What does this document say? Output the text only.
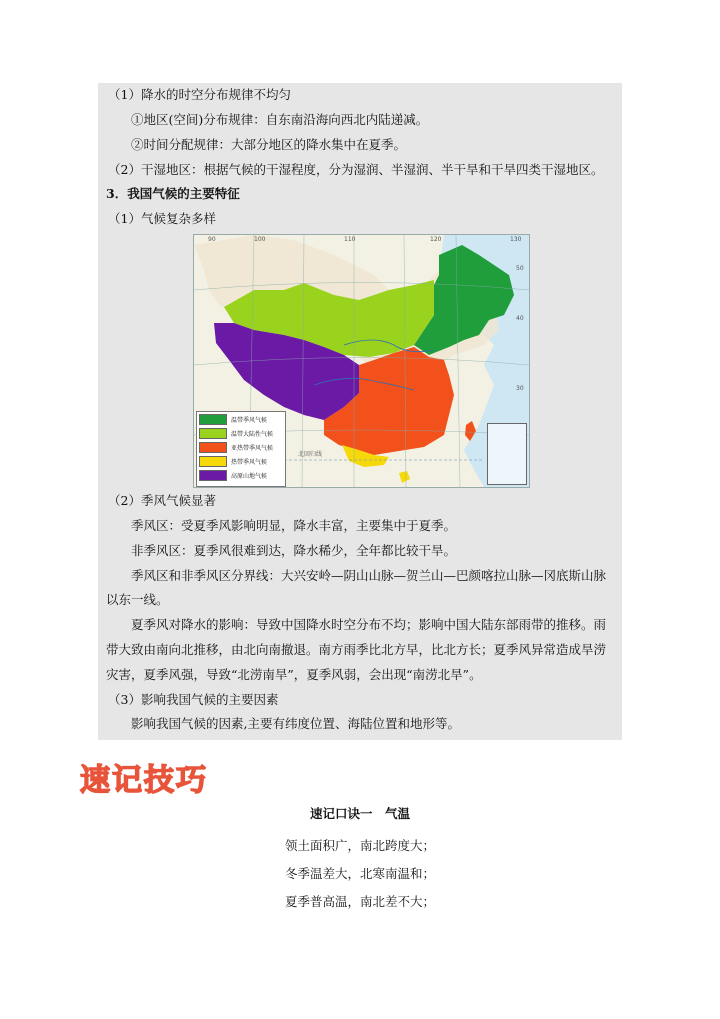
（1）降水的时空分布规律不均匀
①地区(空间)分布规律：自东南沿海向西北内陆递减。
②时间分配规律：大部分地区的降水集中在夏季。
（2）干湿地区：根据气候的干湿程度，分为湿润、半湿润、半干旱和干旱四类干湿地区。
3．我国气候的主要特征
（1）气候复杂多样
90	100	110	120	130
50
40
30
北回归线
温带季风气候
温带大陆性气候
亚热带季风气候
热带季风气候
高原山地气候
（2）季风气候显著
季风区：受夏季风影响明显，降水丰富，主要集中于夏季。
非季风区：夏季风很难到达，降水稀少，全年都比较干旱。
季风区和非季风区分界线：大兴安岭—阴山山脉—贺兰山—巴颜喀拉山脉—冈底斯山脉
以东一线。
夏季风对降水的影响：导致中国降水时空分布不均；影响中国大陆东部雨带的推移。雨
带大致由南向北推移，由北向南撤退。南方雨季比北方早，比北方长；夏季风异常造成旱涝
灾害，夏季风强，导致“北涝南旱”，夏季风弱，会出现“南涝北旱”。
（3）影响我国气候的主要因素
影响我国气候的因素,主要有纬度位置、海陆位置和地形等。
速记技巧
速记口诀一　气温
领土面积广，南北跨度大；
冬季温差大，北寒南温和；
夏季普高温，南北差不大；
